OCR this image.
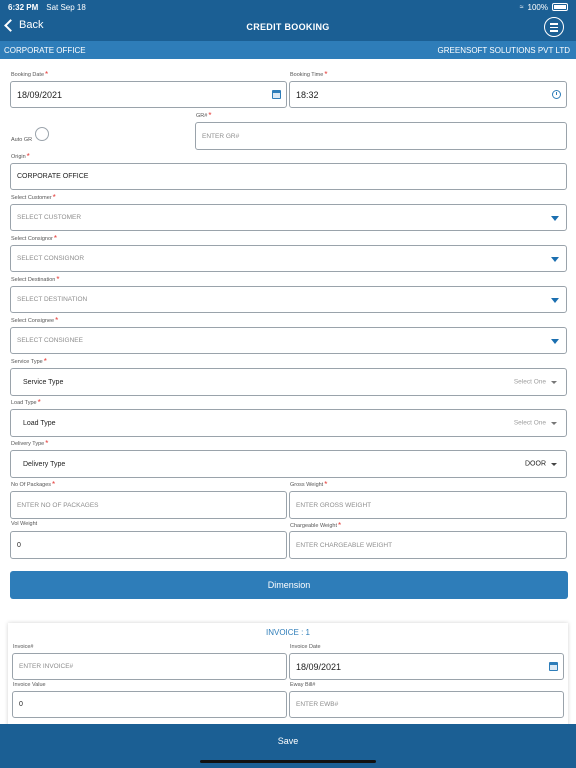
6:32 PM Sat Sep 18	≈ 100%
Back	CREDIT BOOKING
CORPORATE OFFICE	GREENSOFT SOLUTIONS PVT LTD
Booking Date*
18/09/2021
Booking Time*
18:32
Auto GR
GR#*
ENTER GR#
Origin*
CORPORATE OFFICE
Select Customer*
SELECT CUSTOMER
Select Consignor*
SELECT CONSIGNOR
Select Destination*
SELECT DESTINATION
Select Consignee*
SELECT CONSIGNEE
Service Type*
Service Type	Select One
Load Type*
Load Type	Select One
Delivery Type*
Delivery Type	DOOR
No Of Packages*
ENTER NO OF PACKAGES
Gross Weight*
ENTER GROSS WEIGHT
Vol Weight
0
Chargeable Weight*
ENTER CHARGEABLE WEIGHT
Dimension
INVOICE : 1
Invoice#
ENTER INVOICE#
Invoice Date
18/09/2021
Invoice Value
0
Eway Bill#
ENTER EWB#
Save
